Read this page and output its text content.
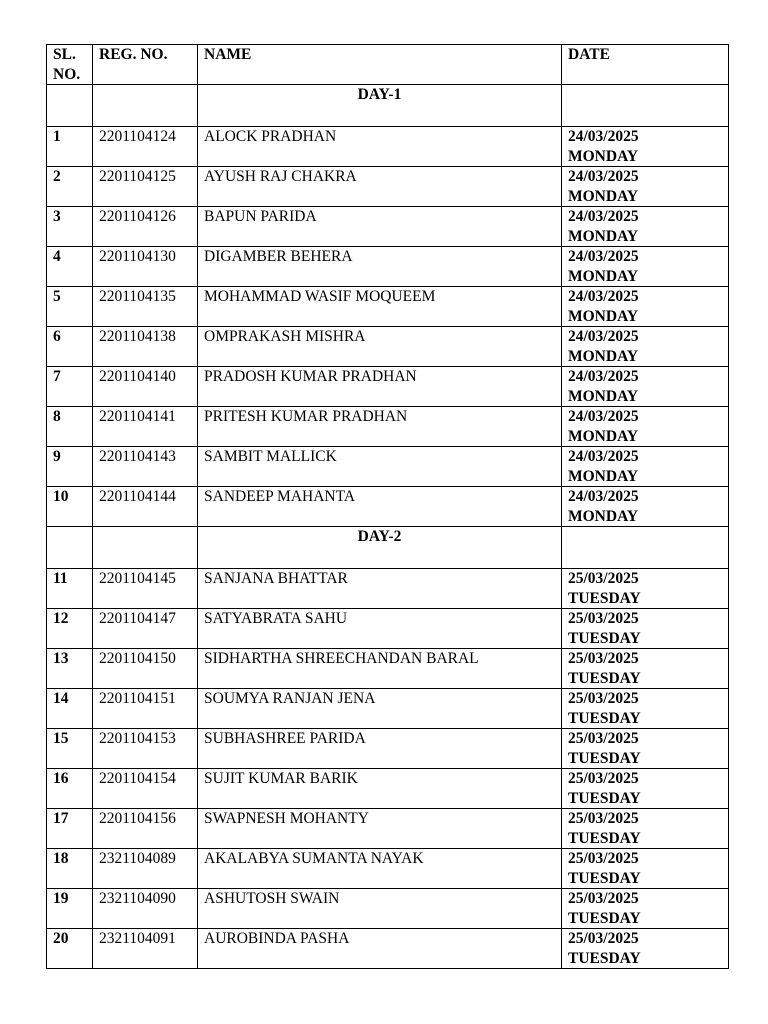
SL. NO.	REG. NO.	NAME	DATE
		DAY-1	
1	2201104124	ALOCK PRADHAN	24/03/2025
MONDAY

2	2201104125	AYUSH RAJ CHAKRA	24/03/2025
MONDAY

3	2201104126	BAPUN PARIDA	24/03/2025
MONDAY

4	2201104130	DIGAMBER BEHERA	24/03/2025
MONDAY

5	2201104135	MOHAMMAD WASIF MOQUEEM	24/03/2025
MONDAY

6	2201104138	OMPRAKASH MISHRA	24/03/2025
MONDAY

7	2201104140	PRADOSH KUMAR PRADHAN	24/03/2025
MONDAY

8	2201104141	PRITESH KUMAR PRADHAN	24/03/2025
MONDAY

9	2201104143	SAMBIT MALLICK	24/03/2025
MONDAY

10	2201104144	SANDEEP MAHANTA	24/03/2025
MONDAY

		DAY-2	
11	2201104145	SANJANA BHATTAR	25/03/2025
TUESDAY

12	2201104147	SATYABRATA SAHU	25/03/2025
TUESDAY

13	2201104150	SIDHARTHA SHREECHANDAN BARAL	25/03/2025
TUESDAY

14	2201104151	SOUMYA RANJAN JENA	25/03/2025
TUESDAY

15	2201104153	SUBHASHREE PARIDA	25/03/2025
TUESDAY

16	2201104154	SUJIT KUMAR BARIK	25/03/2025
TUESDAY

17	2201104156	SWAPNESH MOHANTY	25/03/2025
TUESDAY

18	2321104089	AKALABYA SUMANTA NAYAK	25/03/2025
TUESDAY

19	2321104090	ASHUTOSH SWAIN	25/03/2025
TUESDAY

20	2321104091	AUROBINDA PASHA	25/03/2025
TUESDAY
